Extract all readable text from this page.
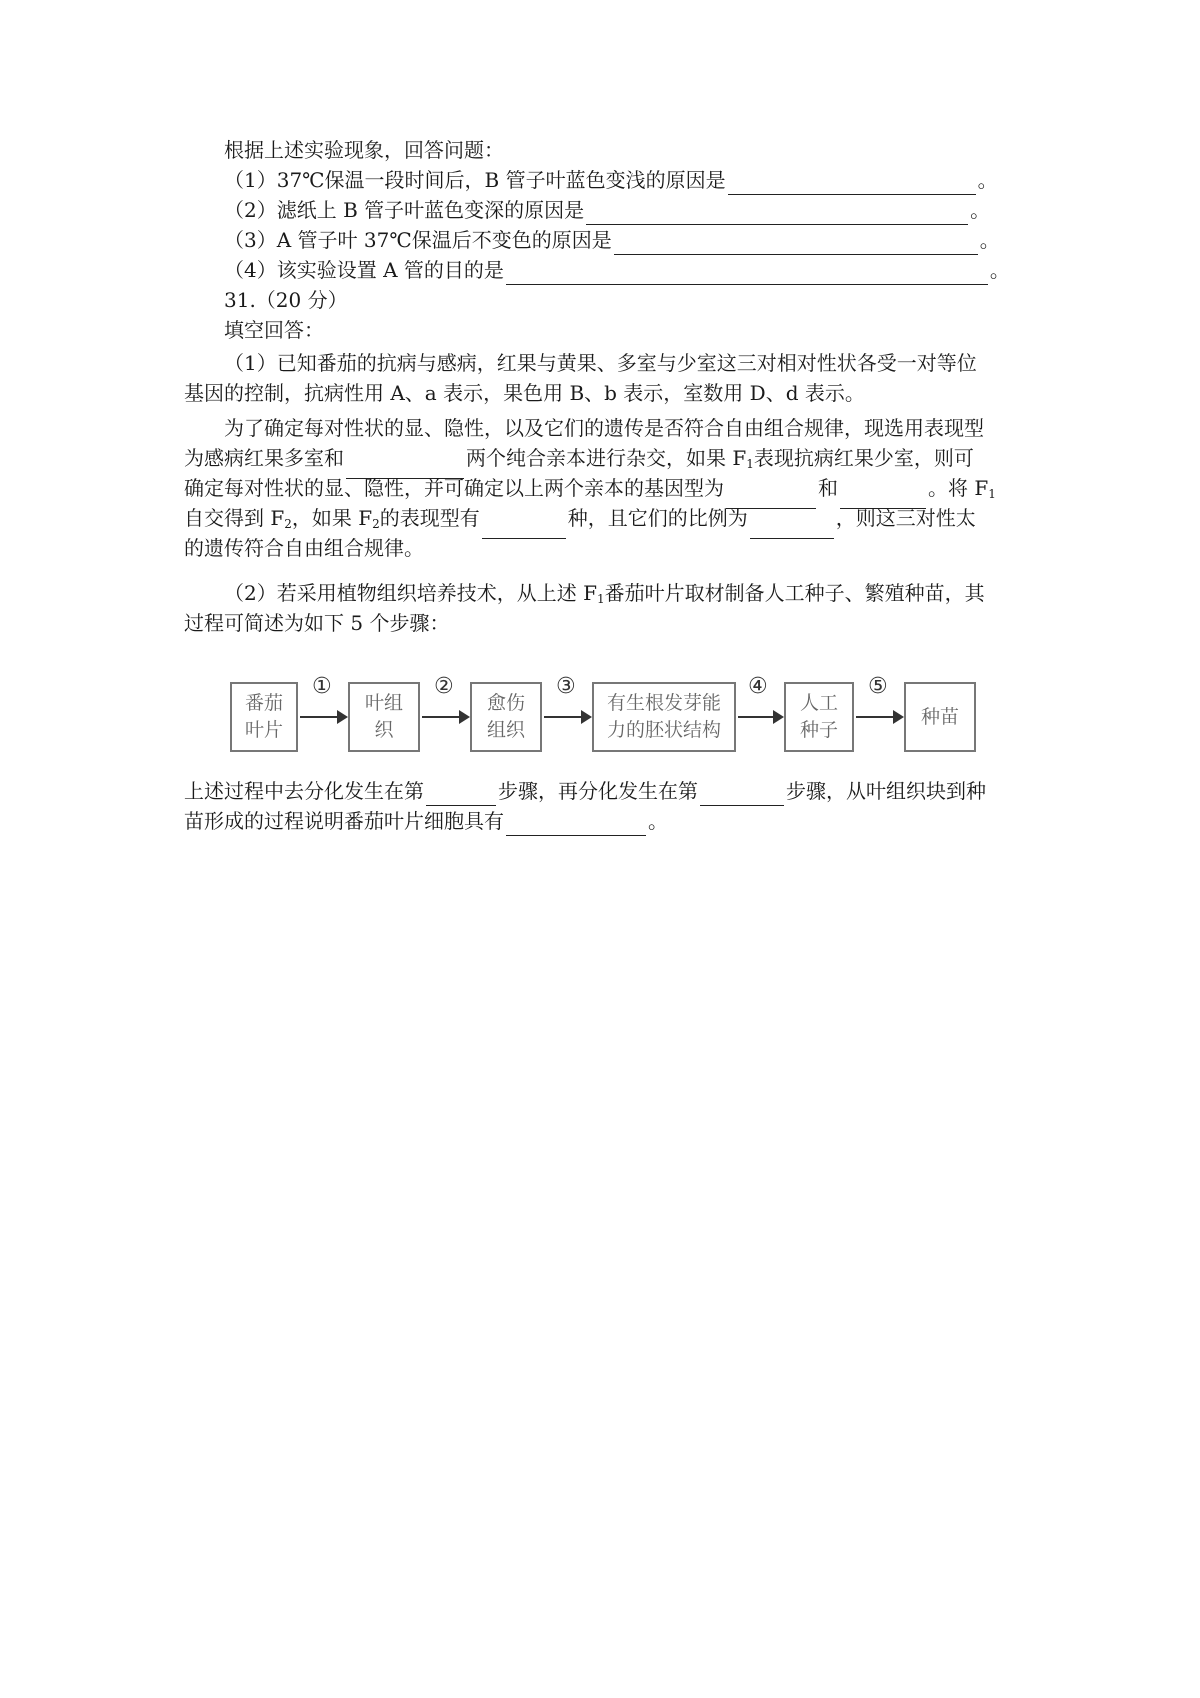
根据上述实验现象，回答问题：
（1）37℃保温一段时间后，B 管子叶蓝色变浅的原因是	。
（2）滤纸上 B 管子叶蓝色变深的原因是	。
（3）A 管子叶 37℃保温后不变色的原因是	。
（4）该实验设置 A 管的目的是	。
31.（20 分）
填空回答：
（1）已知番茄的抗病与感病，红果与黄果、多室与少室这三对相对性状各受一对等位
基因的控制，抗病性用 A、a 表示，果色用 B、b 表示，室数用 D、d 表示。
为了确定每对性状的显、隐性，以及它们的遗传是否符合自由组合规律，现选用表现型
为感病红果多室和	两个纯合亲本进行杂交，如果 $F_1$表现抗病红果少室，则可
确定每对性状的显、隐性，并可确定以上两个亲本的基因型为	和	。将 $F_1$
自交得到 $F_2$，如果 $F_2$的表现型有	种，且它们的比例为	，则这三对性太
的遗传符合自由组合规律。
（2）若采用植物组织培养技术，从上述 $F_1$番茄叶片取材制备人工种子、繁殖种苗，其
过程可简述为如下 5 个步骤：
番茄
叶片
①
叶组
织
②
愈伤
组织
③
有生根发芽能
力的胚状结构
④
人工
种子
⑤
种苗
上述过程中去分化发生在第	步骤，再分化发生在第	步骤，从叶组织块到种
苗形成的过程说明番茄叶片细胞具有	。
